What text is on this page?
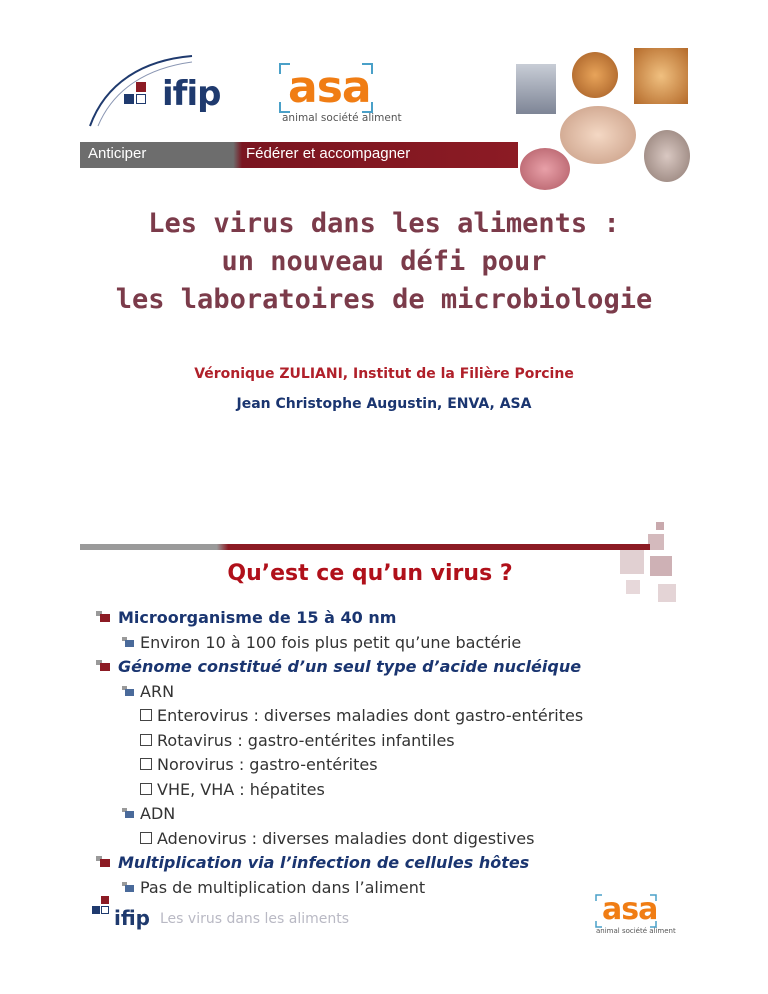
ifip asa
animal société aliment
Anticiper	Fédérer et accompagner
Les virus dans les aliments :
un nouveau défi pour
les laboratoires de microbiologie
Véronique ZULIANI, Institut de la Filière Porcine
Jean Christophe Augustin, ENVA, ASA
Qu’est ce qu’un virus ?
Microorganisme de 15 à 40 nm
Environ 10 à 100 fois plus petit qu’une bactérie
Génome constitué d’un seul type d’acide nucléique
ARN
Enterovirus : diverses maladies dont gastro-entérites
Rotavirus : gastro-entérites infantiles
Norovirus : gastro-entérites
VHE, VHA : hépatites
ADN
Adenovirus : diverses maladies dont digestives
Multiplication via l’infection de cellules hôtes
Pas de multiplication dans l’aliment
ifip Les virus dans les aliments	asa
animal société aliment
